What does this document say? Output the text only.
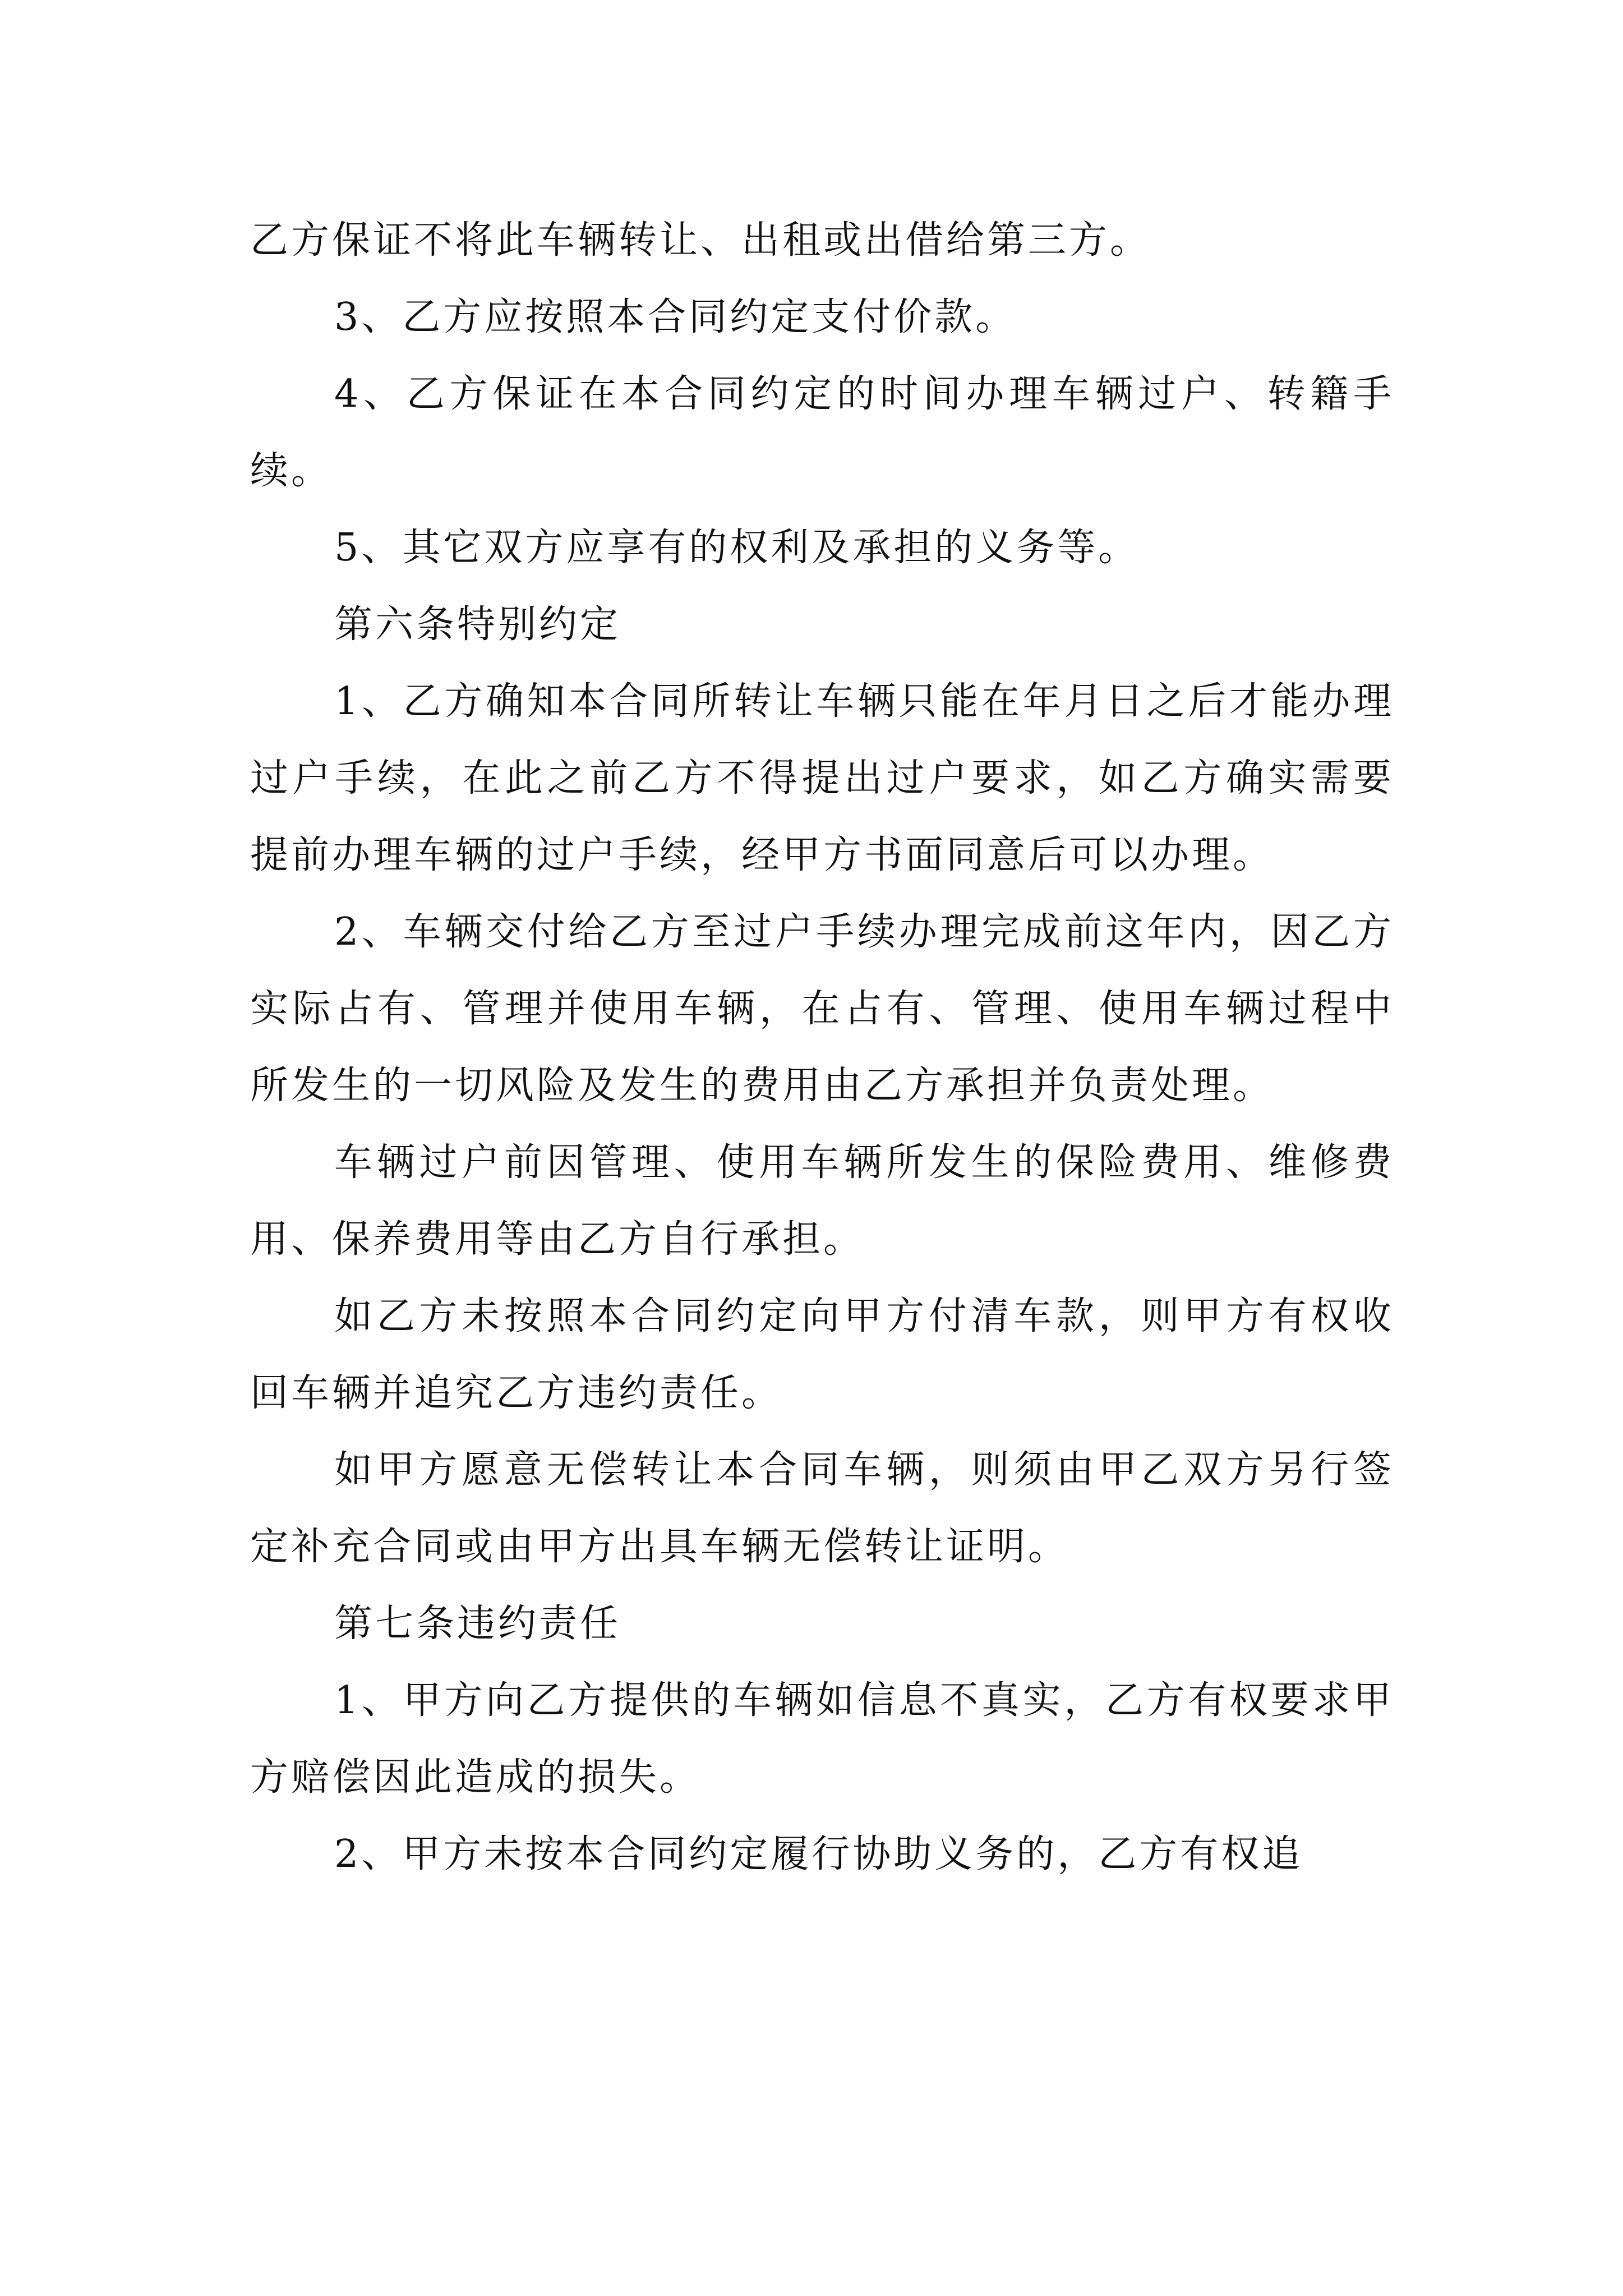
乙方保证不将此车辆转让、出租或出借给第三方。

3、乙方应按照本合同约定支付价款。

4、乙方保证在本合同约定的时间办理车辆过户、转籍手续。

5、其它双方应享有的权利及承担的义务等。

第六条特别约定

1、乙方确知本合同所转让车辆只能在年月日之后才能办理过户手续，在此之前乙方不得提出过户要求，如乙方确实需要提前办理车辆的过户手续，经甲方书面同意后可以办理。

2、车辆交付给乙方至过户手续办理完成前这年内，因乙方实际占有、管理并使用车辆，在占有、管理、使用车辆过程中所发生的一切风险及发生的费用由乙方承担并负责处理。

车辆过户前因管理、使用车辆所发生的保险费用、维修费用、保养费用等由乙方自行承担。

如乙方未按照本合同约定向甲方付清车款，则甲方有权收回车辆并追究乙方违约责任。

如甲方愿意无偿转让本合同车辆，则须由甲乙双方另行签定补充合同或由甲方出具车辆无偿转让证明。

第七条违约责任

1、甲方向乙方提供的车辆如信息不真实，乙方有权要求甲方赔偿因此造成的损失。

2、甲方未按本合同约定履行协助义务的，乙方有权追
